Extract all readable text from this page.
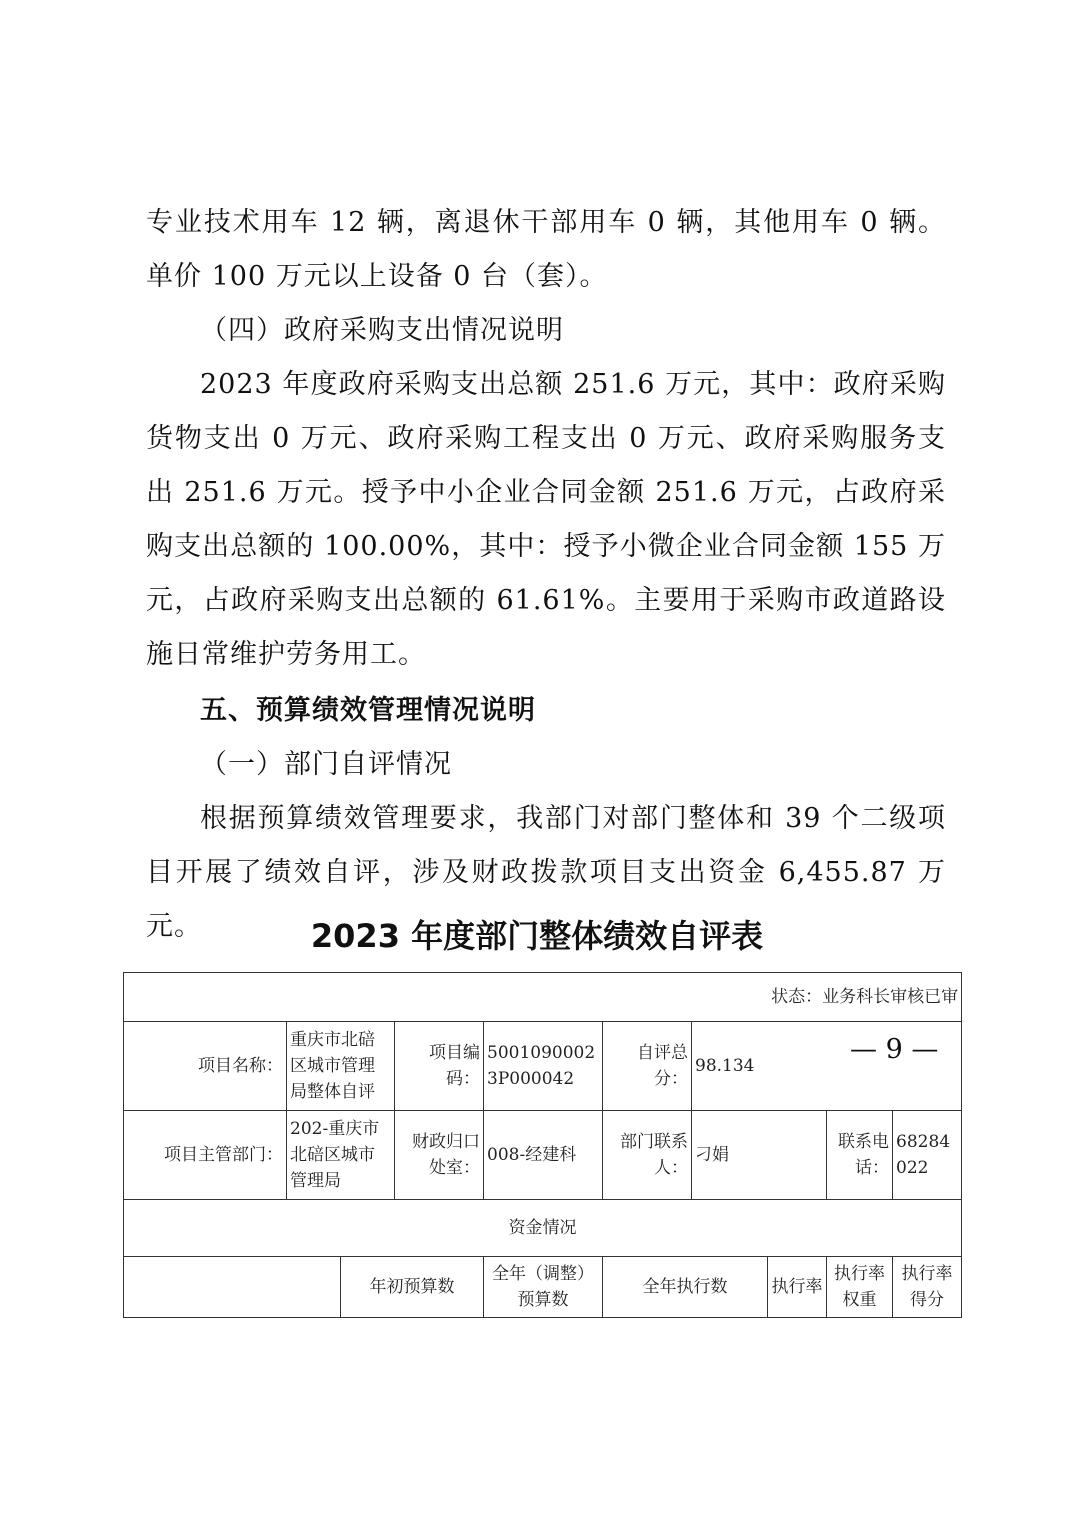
专业技术用车 12 辆，离退休干部用车 0 辆，其他用车 0 辆。单价 100 万元以上设备 0 台（套）。

（四）政府采购支出情况说明

2023 年度政府采购支出总额 251.6 万元，其中：政府采购货物支出 0 万元、政府采购工程支出 0 万元、政府采购服务支出 251.6 万元。授予中小企业合同金额 251.6 万元，占政府采购支出总额的 100.00%，其中：授予小微企业合同金额 155 万元，占政府采购支出总额的 61.61%。主要用于采购市政道路设施日常维护劳务用工。

五、预算绩效管理情况说明

（一）部门自评情况

根据预算绩效管理要求，我部门对部门整体和 39 个二级项目开展了绩效自评，涉及财政拨款项目支出资金 6,455.87 万元。	2023 年度部门整体绩效自评表
状态：业务科长审核已审									
项目名称：	重庆市北碚区城市管理局整体自评		项目编码：	50010900023P000042	自评总分：	98.134			
项目主管部门：	202-重庆市北碚区城市管理局		财政归口处室：	008-经建科	部门联系人：	刁娟		联系电话：	68284022
资金情况									
		年初预算数		全年（调整）预算数	全年执行数		执行率	执行率权重	执行率得分
— 9 —
